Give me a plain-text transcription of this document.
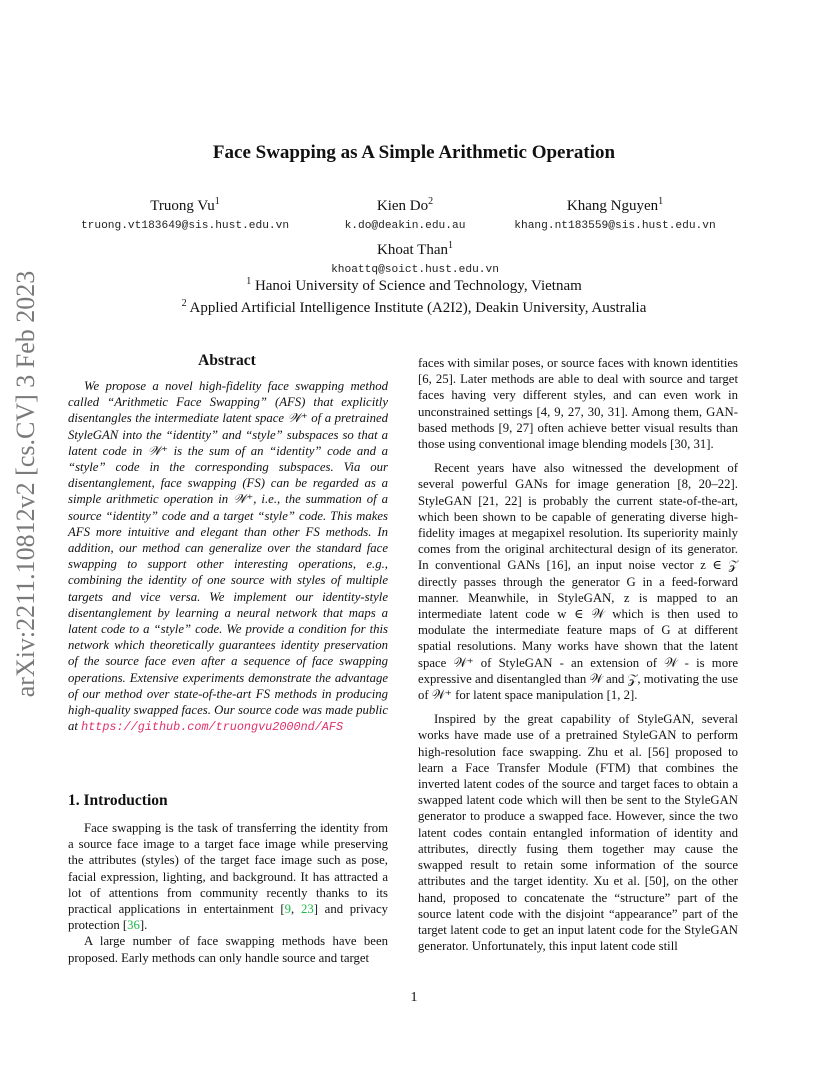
arXiv:2211.10812v2 [cs.CV] 3 Feb 2023
Face Swapping as A Simple Arithmetic Operation
Truong Vu$^1$
truong.vt183649@sis.hust.edu.vn
Kien Do$^2$
k.do@deakin.edu.au
Khang Nguyen$^1$
khang.nt183559@sis.hust.edu.vn
Khoat Than$^1$
khoattq@soict.hust.edu.vn
$^1$ Hanoi University of Science and Technology, Vietnam
$^2$ Applied Artificial Intelligence Institute (A2I2), Deakin University, Australia
Abstract

We propose a novel high-fidelity face swapping method called “Arithmetic Face Swapping” (AFS) that explicitly disentangles the intermediate latent space 𝒲⁺ of a pretrained StyleGAN into the “identity” and “style” subspaces so that a latent code in 𝒲⁺ is the sum of an “identity” code and a “style” code in the corresponding subspaces. Via our disentanglement, face swapping (FS) can be regarded as a simple arithmetic operation in 𝒲⁺, i.e., the summation of a source “identity” code and a target “style” code. This makes AFS more intuitive and elegant than other FS methods. In addition, our method can generalize over the standard face swapping to support other interesting operations, e.g., combining the identity of one source with styles of multiple targets and vice versa. We implement our identity-style disentanglement by learning a neural network that maps a latent code to a “style” code. We provide a condition for this network which theoretically guarantees identity preservation of the source face even after a sequence of face swapping operations. Extensive experiments demonstrate the advantage of our method over state-of-the-art FS methods in producing high-quality swapped faces. Our source code was made public at https://github.com/truongvu2000nd/AFS

1. Introduction

Face swapping is the task of transferring the identity from a source face image to a target face image while preserving the attributes (styles) of the target face image such as pose, facial expression, lighting, and background. It has attracted a lot of attentions from community recently thanks to its practical applications in entertainment [9, 23] and privacy protection [36].

A large number of face swapping methods have been proposed. Early methods can only handle source and target

faces with similar poses, or source faces with known identities [6, 25]. Later methods are able to deal with source and target faces having very different styles, and can even work in unconstrained settings [4, 9, 27, 30, 31]. Among them, GAN-based methods [9, 27] often achieve better visual results than those using conventional image blending models [30, 31].

Recent years have also witnessed the development of several powerful GANs for image generation [8, 20–22]. StyleGAN [21, 22] is probably the current state-of-the-art, which been shown to be capable of generating diverse high-fidelity images at megapixel resolution. Its superiority mainly comes from the original architectural design of its generator. In conventional GANs [16], an input noise vector z ∈ 𝒵 directly passes through the generator G in a feed-forward manner. Meanwhile, in StyleGAN, z is mapped to an intermediate latent code w ∈ 𝒲 which is then used to modulate the intermediate feature maps of G at different spatial resolutions. Many works have shown that the latent space 𝒲⁺ of StyleGAN - an extension of 𝒲 - is more expressive and disentangled than 𝒲 and 𝒵, motivating the use of 𝒲⁺ for latent space manipulation [1, 2].

Inspired by the great capability of StyleGAN, several works have made use of a pretrained StyleGAN to perform high-resolution face swapping. Zhu et al. [56] proposed to learn a Face Transfer Module (FTM) that combines the inverted latent codes of the source and target faces to obtain a swapped latent code which will then be sent to the StyleGAN generator to produce a swapped face. However, since the two latent codes contain entangled information of identity and attributes, directly fusing them together may cause the swapped result to retain some information of the source attributes and the target identity. Xu et al. [50], on the other hand, proposed to concatenate the “structure” part of the source latent code with the disjoint “appearance” part of the target latent code to get an input latent code for the StyleGAN generator. Unfortunately, this input latent code still

1
